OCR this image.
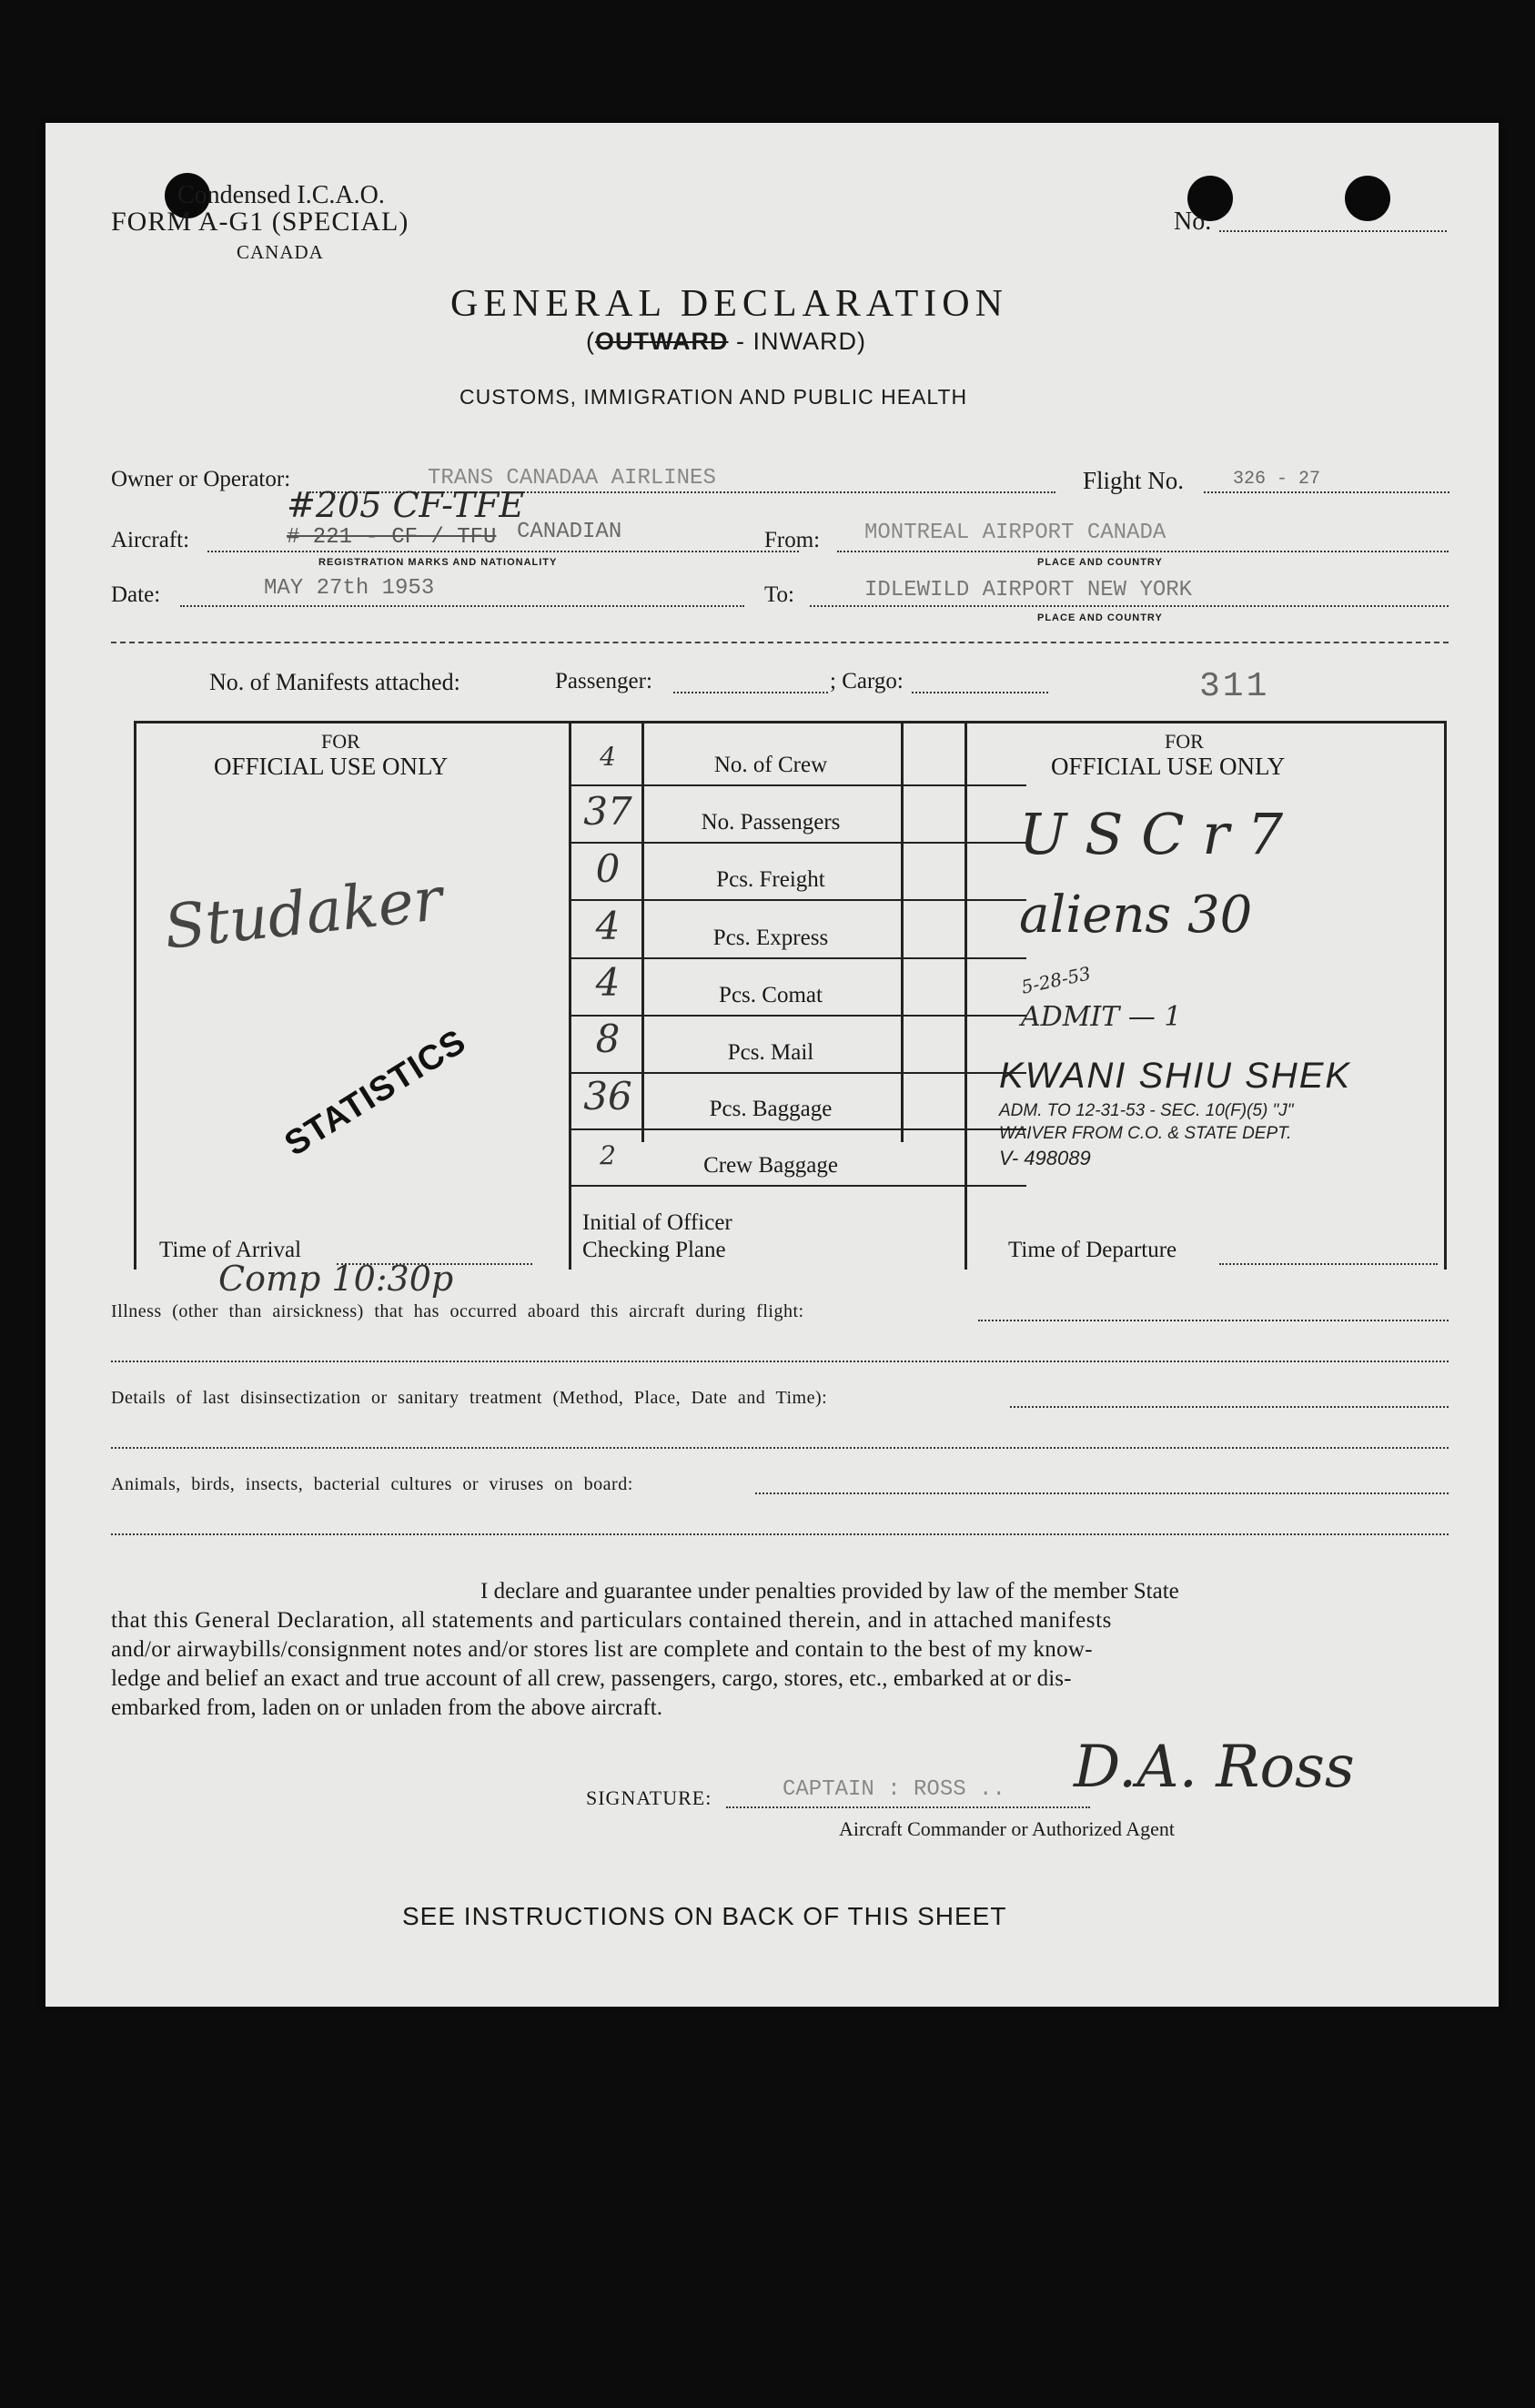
Condensed I.C.A.O.
FORM A-G1 (SPECIAL)
CANADA
No.
GENERAL DECLARATION
(OUTWARD - INWARD)
CUSTOMS, IMMIGRATION AND PUBLIC HEALTH
Owner or Operator:	TRANS CANADAA AIRLINES	Flight No.	326 - 27
#205 CF-TFE
Aircraft:	# 221 - CF / TFU CANADIAN
REGISTRATION MARKS AND NATIONALITY
From: MONTREAL AIRPORT CANADA
PLACE AND COUNTRY
Date:	MAY 27th 1953	To:	IDLEWILD AIRPORT NEW YORK
PLACE AND COUNTRY
No. of Manifests attached:	Passenger:	; Cargo:	311
FOR
OFFICIAL USE ONLY
FOR
OFFICIAL USE ONLY
4	No. of Crew
37	No. Passengers
0	Pcs. Freight
4	Pcs. Express
4	Pcs. Comat
8	Pcs. Mail
36	Pcs. Baggage
2	Crew Baggage
Studaker
STATISTICS
Time of Arrival
Initial of Officer
Checking Plane	Time of Departure
U S C r 7
aliens 30
5-28-53
ADMIT — 1
KWANI SHIU SHEK
ADM. TO 12-31-53 - SEC. 10(F)(5) "J"
WAIVER FROM C.O. & STATE DEPT.
V- 498089
Comp 10:30p
Illness (other than airsickness) that has occurred aboard this aircraft during flight:
Details of last disinsectization or sanitary treatment (Method, Place, Date and Time):
Animals, birds, insects, bacterial cultures or viruses on board:
I declare and guarantee under penalties provided by law of the member State
that this General Declaration, all statements and particulars contained therein, and in attached manifests
and/or airwaybills/consignment notes and/or stores list are complete and contain to the best of my know-
ledge and belief an exact and true account of all crew, passengers, cargo, stores, etc., embarked at or dis-
embarked from, laden on or unladen from the above aircraft.
SIGNATURE:	CAPTAIN : ROSS .. D.A. Ross
Aircraft Commander or Authorized Agent
SEE INSTRUCTIONS ON BACK OF THIS SHEET
